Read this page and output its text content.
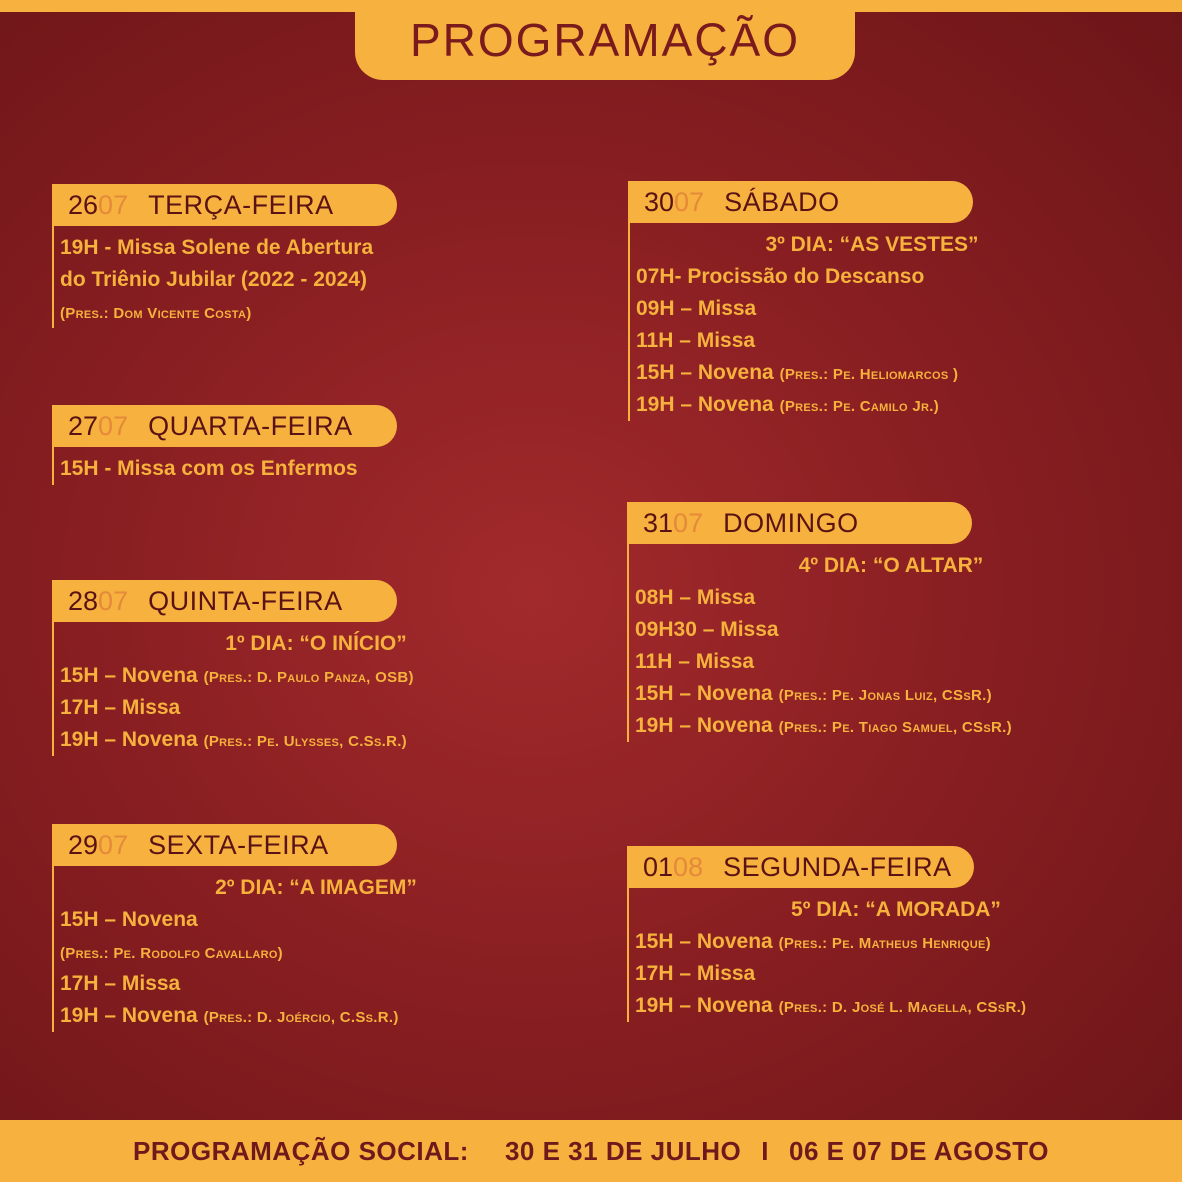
PROGRAMAÇÃO
26 07 TERÇA-FEIRA
19H - Missa Solene de Abertura
do Triênio Jubilar (2022 - 2024)
(Pres.: Dom Vicente Costa)
27 07 QUARTA-FEIRA
15H - Missa com os Enfermos
28 07 QUINTA-FEIRA
1º DIA: “O INÍCIO”
15H – Novena (Pres.: D. Paulo Panza, OSB)
17H – Missa
19H – Novena (Pres.: Pe. Ulysses, C.Ss.R.)
29 07 SEXTA-FEIRA
2º DIA: “A IMAGEM”
15H – Novena
(Pres.: Pe. Rodolfo Cavallaro)
17H – Missa
19H – Novena (Pres.: D. Joércio, C.Ss.R.)
30 07 SÁBADO
3º DIA: “AS VESTES”
07H- Procissão do Descanso
09H – Missa
11H – Missa
15H – Novena (Pres.: Pe. Heliomarcos )
19H – Novena (Pres.: Pe. Camilo Jr.)
31 07 DOMINGO
4º DIA: “O ALTAR”
08H – Missa
09H30 – Missa
11H – Missa
15H – Novena (Pres.: Pe. Jonas Luiz, CSsR.)
19H – Novena (Pres.: Pe. Tiago Samuel, CSsR.)
01 08 SEGUNDA-FEIRA
5º DIA: “A MORADA”
15H – Novena (Pres.: Pe. Matheus Henrique)
17H – Missa
19H – Novena (Pres.: D. José L. Magella, CSsR.)
PROGRAMAÇÃO SOCIAL: 30 E 31 DE JULHO I 06 E 07 DE AGOSTO
